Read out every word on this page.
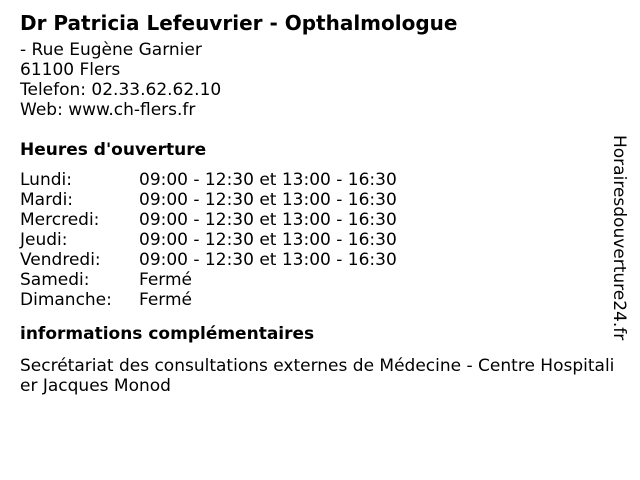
Dr Patricia Lefeuvrier - Opthalmologue
- Rue Eugène Garnier
61100 Flers
Telefon: 02.33.62.62.10
Web: www.ch-flers.fr
Heures d'ouverture
Lundi:	09:00 - 12:30 et 13:00 - 16:30
Mardi:	09:00 - 12:30 et 13:00 - 16:30
Mercredi:	09:00 - 12:30 et 13:00 - 16:30
Jeudi:	09:00 - 12:30 et 13:00 - 16:30
Vendredi:	09:00 - 12:30 et 13:00 - 16:30
Samedi:	Fermé
Dimanche:	Fermé
informations complémentaires
Secrétariat des consultations externes de Médecine - Centre Hospitalier Jacques Monod
Horairesdouverture24.fr
